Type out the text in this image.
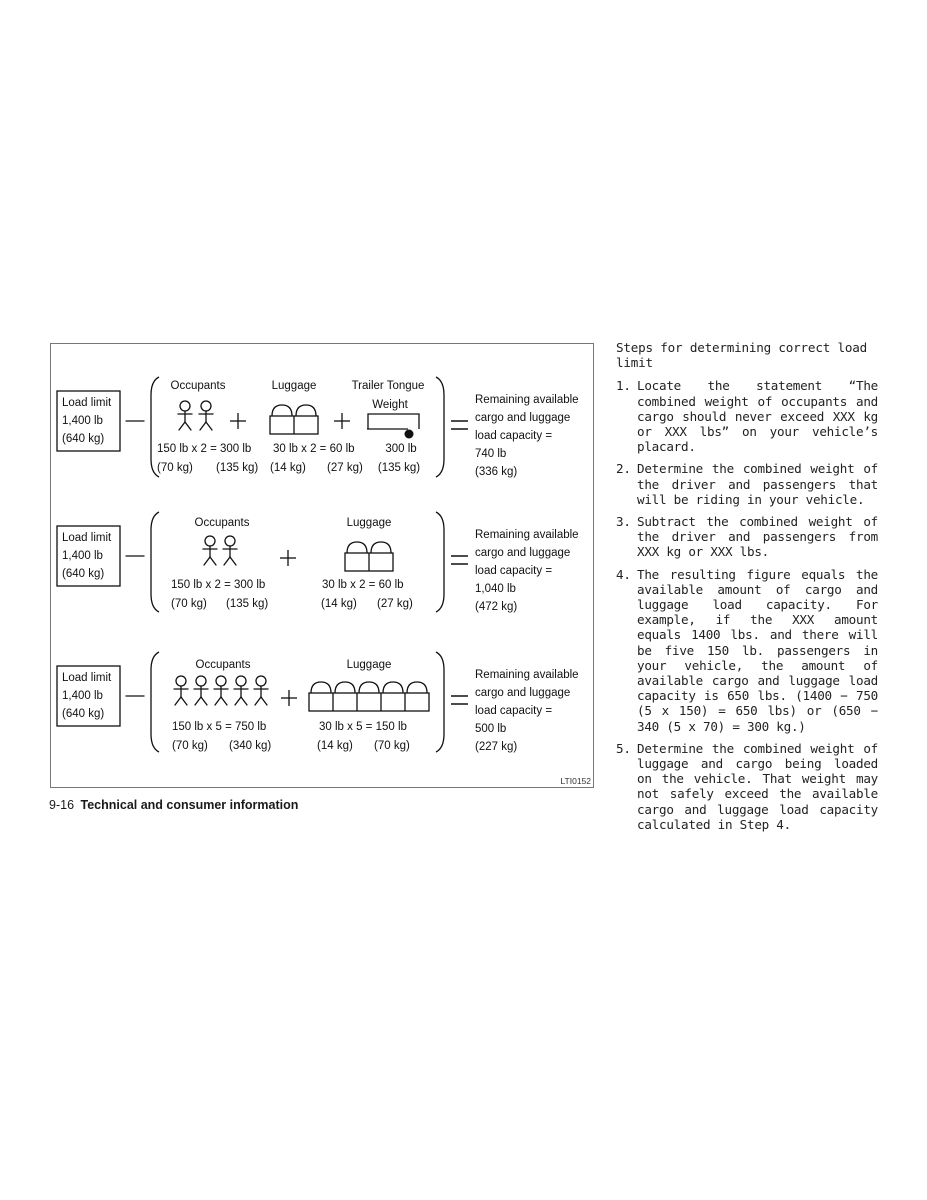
Load limit
1,400 lb
(640 kg)
Occupants	Luggage	Trailer Tongue
Weight
150 lb x 2 = 300 lb
(70 kg) (135 kg)
30 lb x 2 = 60 lb
(14 kg) (27 kg)
300 lb
(135 kg)
Remaining available
cargo and luggage
load capacity =
740 lb
(336 kg)
Load limit
1,400 lb
(640 kg)
Occupants	Luggage
150 lb x 2 = 300 lb
(70 kg) (135 kg)
30 lb x 2 = 60 lb
(14 kg) (27 kg)
Remaining available
cargo and luggage
load capacity =
1,040 lb
(472 kg)
Load limit
1,400 lb
(640 kg)
Occupants	Luggage
150 lb x 5 = 750 lb
(70 kg) (340 kg)
30 lb x 5 = 150 lb
(14 kg) (70 kg)
Remaining available
cargo and luggage
load capacity =
500 lb
(227 kg)
LTI0152
9-16 Technical and consumer information
Steps for determining correct load limit
1. Locate the statement “The combined weight of occupants and cargo should never exceed XXX kg or XXX lbs” on your vehicle’s placard.
2. Determine the combined weight of the driver and passengers that will be riding in your vehicle.
3. Subtract the combined weight of the driver and passengers from XXX kg or XXX lbs.
4. The resulting figure equals the available amount of cargo and luggage load capacity. For example, if the XXX amount equals 1400 lbs. and there will be five 150 lb. passengers in your vehicle, the amount of available cargo and luggage load capacity is 650 lbs. (1400 − 750 (5 x 150) = 650 lbs) or (650 − 340 (5 x 70) = 300 kg.)
5. Determine the combined weight of luggage and cargo being loaded on the vehicle. That weight may not safely exceed the available cargo and luggage load capacity calculated in Step 4.
